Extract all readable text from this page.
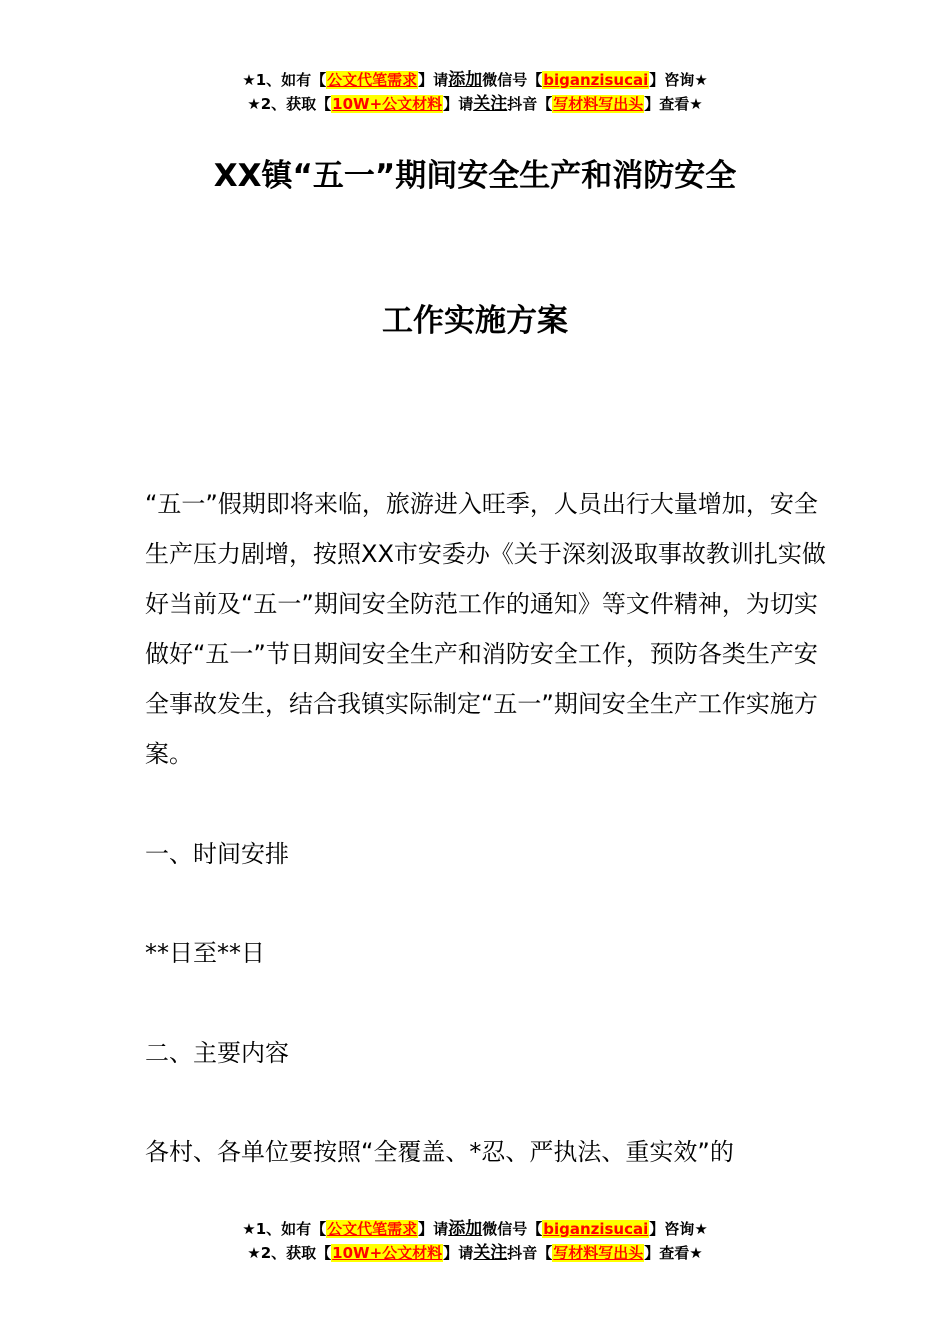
★1、如有【公文代笔需求】请添加微信号【biganzisucai】咨询★
★2、获取【10W+公文材料】请关注抖音【写材料写出头】查看★
XX镇“五一”期间安全生产和消防安全
工作实施方案
“五一”假期即将来临，旅游进入旺季，人员出行大量增加，安全生产压力剧增，按照XX市安委办《关于深刻汲取事故教训扎实做好当前及“五一”期间安全防范工作的通知》等文件精神，为切实做好“五一”节日期间安全生产和消防安全工作，预防各类生产安全事故发生，结合我镇实际制定“五一”期间安全生产工作实施方案。
一、时间安排
**日至**日
二、主要内容
各村、各单位要按照“全覆盖、*忍、严执法、重实效”的
★1、如有【公文代笔需求】请添加微信号【biganzisucai】咨询★
★2、获取【10W+公文材料】请关注抖音【写材料写出头】查看★
